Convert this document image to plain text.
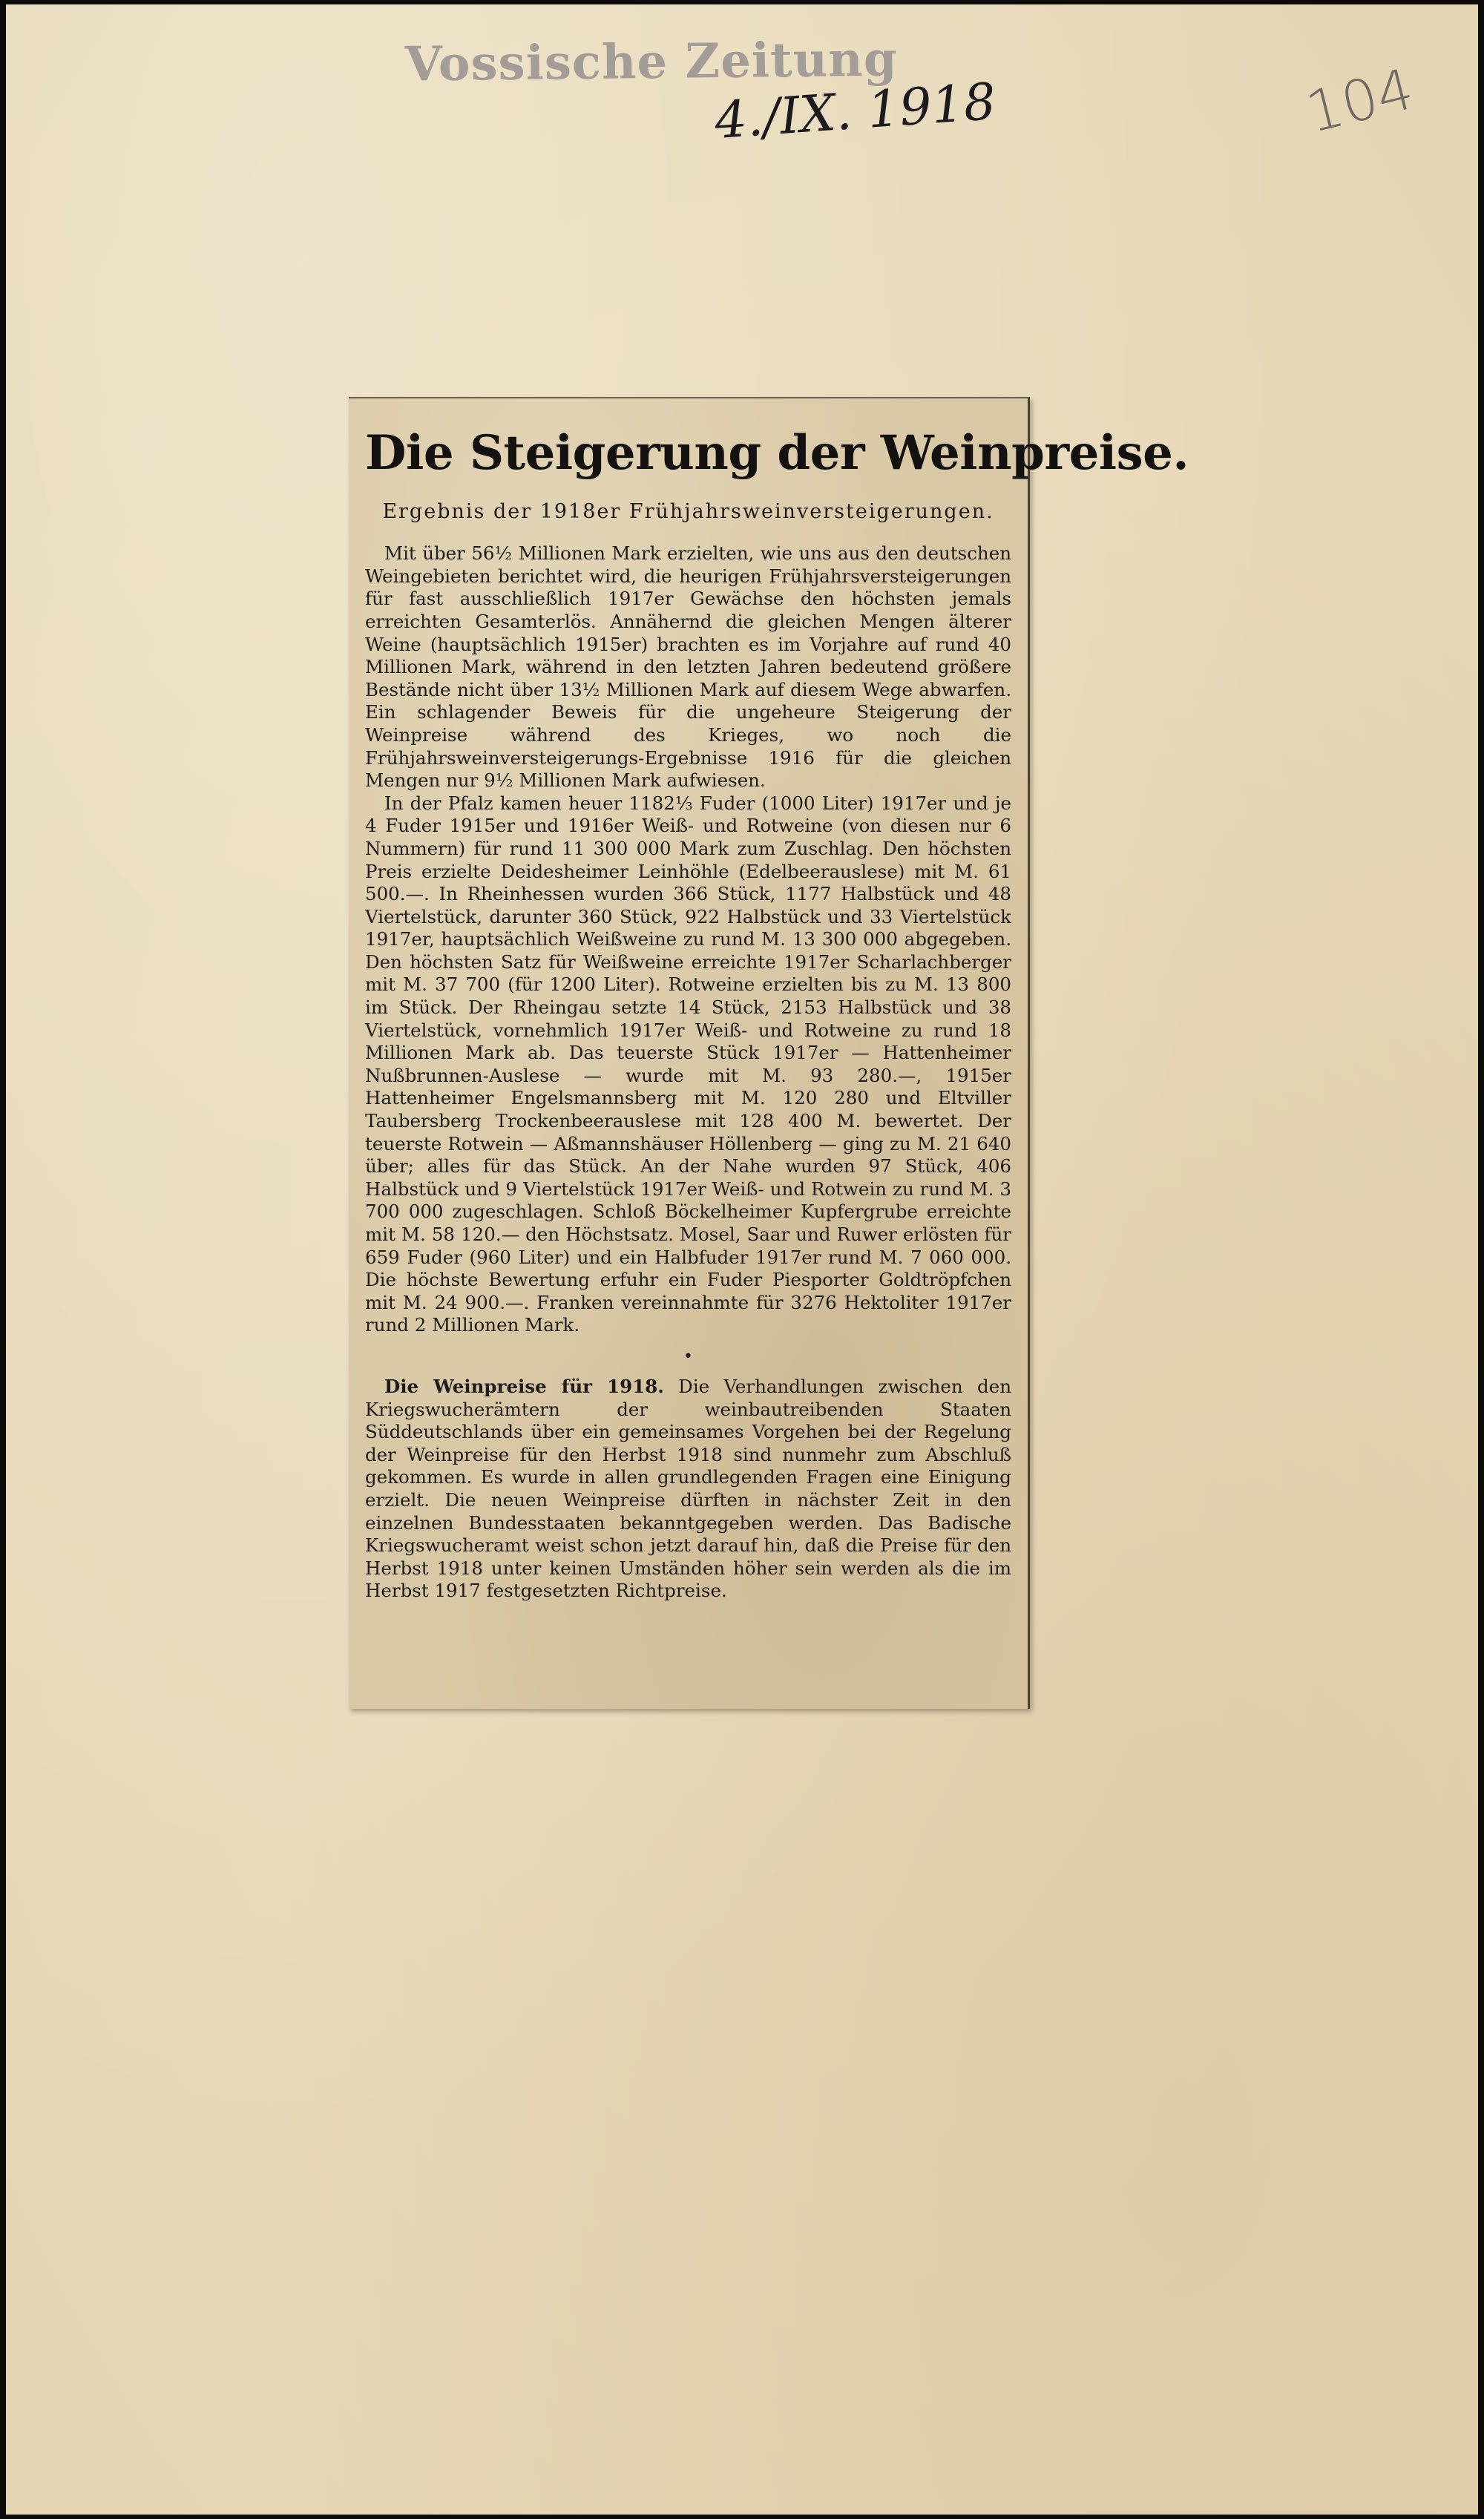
Vossische Zeitung

4./IX. 1918	104

Die Steigerung der Weinpreise.

Ergebnis der 1918er Frühjahrsweinversteigerungen.

Mit über 56½ Millionen Mark erzielten, wie uns aus den deutschen Weingebieten berichtet wird, die heurigen Frühjahrsversteigerungen für fast ausschließlich 1917er Gewächse den höchsten jemals erreichten Gesamterlös. Annähernd die gleichen Mengen älterer Weine (hauptsächlich 1915er) brachten es im Vorjahre auf rund 40 Millionen Mark, während in den letzten Jahren bedeutend größere Bestände nicht über 13½ Millionen Mark auf diesem Wege abwarfen. Ein schlagender Beweis für die ungeheure Steigerung der Weinpreise während des Krieges, wo noch die Frühjahrsweinversteigerungs-Ergebnisse 1916 für die gleichen Mengen nur 9½ Millionen Mark aufwiesen.

In der Pfalz kamen heuer 1182⅓ Fuder (1000 Liter) 1917er und je 4 Fuder 1915er und 1916er Weiß- und Rotweine (von diesen nur 6 Nummern) für rund 11 300 000 Mark zum Zuschlag. Den höchsten Preis erzielte Deidesheimer Leinhöhle (Edelbeerauslese) mit M. 61 500.—. In Rheinhessen wurden 366 Stück, 1177 Halbstück und 48 Viertelstück, darunter 360 Stück, 922 Halbstück und 33 Viertelstück 1917er, hauptsächlich Weißweine zu rund M. 13 300 000 abgegeben. Den höchsten Satz für Weißweine erreichte 1917er Scharlachberger mit M. 37 700 (für 1200 Liter). Rotweine erzielten bis zu M. 13 800 im Stück. Der Rheingau setzte 14 Stück, 2153 Halbstück und 38 Viertelstück, vornehmlich 1917er Weiß- und Rotweine zu rund 18 Millionen Mark ab. Das teuerste Stück 1917er — Hattenheimer Nußbrunnen-Auslese — wurde mit M. 93 280.—, 1915er Hattenheimer Engelsmannsberg mit M. 120 280 und Eltviller Taubersberg Trockenbeerauslese mit 128 400 M. bewertet. Der teuerste Rotwein — Aßmannshäuser Höllenberg — ging zu M. 21 640 über; alles für das Stück. An der Nahe wurden 97 Stück, 406 Halbstück und 9 Viertelstück 1917er Weiß- und Rotwein zu rund M. 3 700 000 zugeschlagen. Schloß Böckelheimer Kupfergrube erreichte mit M. 58 120.— den Höchstsatz. Mosel, Saar und Ruwer erlösten für 659 Fuder (960 Liter) und ein Halbfuder 1917er rund M. 7 060 000. Die höchste Bewertung erfuhr ein Fuder Piesporter Goldtröpfchen mit M. 24 900.—. Franken vereinnahmte für 3276 Hektoliter 1917er rund 2 Millionen Mark.

•

Die Weinpreise für 1918. Die Verhandlungen zwischen den Kriegswucherämtern der weinbautreibenden Staaten Süddeutschlands über ein gemeinsames Vorgehen bei der Regelung der Weinpreise für den Herbst 1918 sind nunmehr zum Abschluß gekommen. Es wurde in allen grundlegenden Fragen eine Einigung erzielt. Die neuen Weinpreise dürften in nächster Zeit in den einzelnen Bundesstaaten bekanntgegeben werden. Das Badische Kriegswucheramt weist schon jetzt darauf hin, daß die Preise für den Herbst 1918 unter keinen Umständen höher sein werden als die im Herbst 1917 festgesetzten Richtpreise.
